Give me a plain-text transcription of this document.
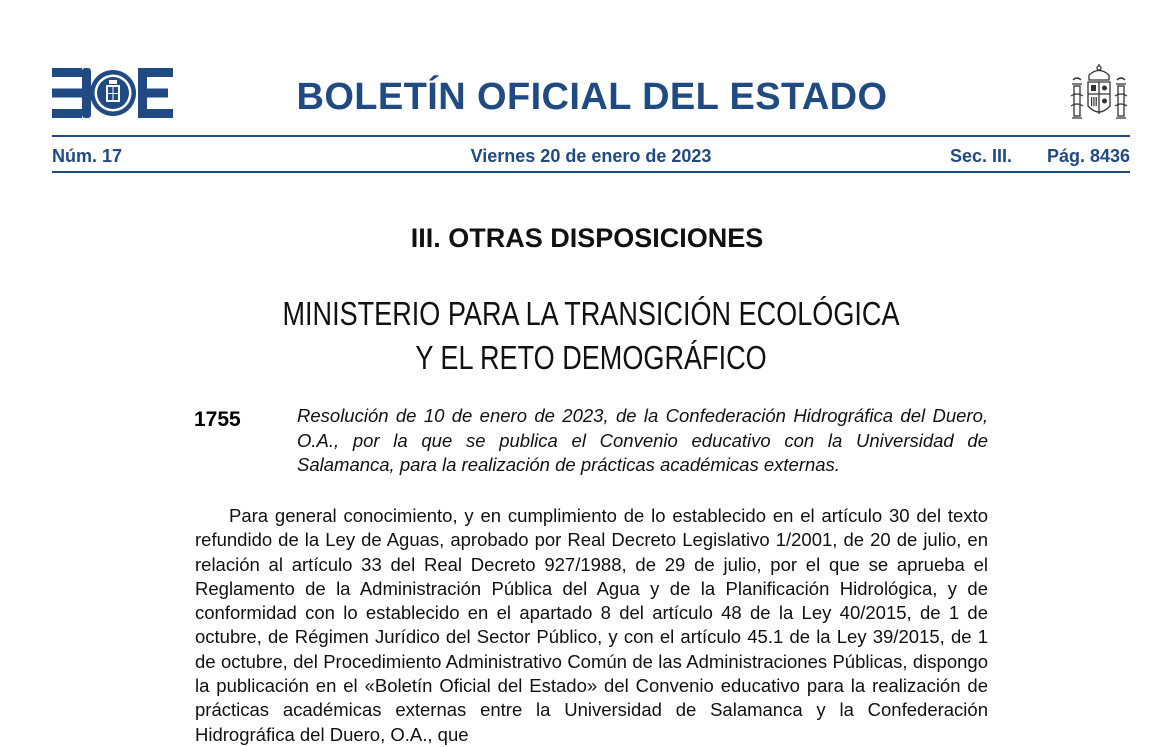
BOLETÍN OFICIAL DEL ESTADO
Núm. 17	Viernes 20 de enero de 2023	Sec. III. Pág. 8436
III. OTRAS DISPOSICIONES
MINISTERIO PARA LA TRANSICIÓN ECOLÓGICA
Y EL RETO DEMOGRÁFICO
1755	Resolución de 10 de enero de 2023, de la Confederación Hidrográfica del Duero, O.A., por la que se publica el Convenio educativo con la Universidad de Salamanca, para la realización de prácticas académicas externas.
Para general conocimiento, y en cumplimiento de lo establecido en el artículo 30 del texto refundido de la Ley de Aguas, aprobado por Real Decreto Legislativo 1/2001, de 20 de julio, en relación al artículo 33 del Real Decreto 927/1988, de 29 de julio, por el que se aprueba el Reglamento de la Administración Pública del Agua y de la Planificación Hidrológica, y de conformidad con lo establecido en el apartado 8 del artículo 48 de la Ley 40/2015, de 1 de octubre, de Régimen Jurídico del Sector Público, y con el artículo 45.1 de la Ley 39/2015, de 1 de octubre, del Procedimiento Administrativo Común de las Administraciones Públicas, dispongo la publicación en el «Boletín Oficial del Estado» del Convenio educativo para la realización de prácticas académicas externas entre la Universidad de Salamanca y la Confederación Hidrográfica del Duero, O.A., que
